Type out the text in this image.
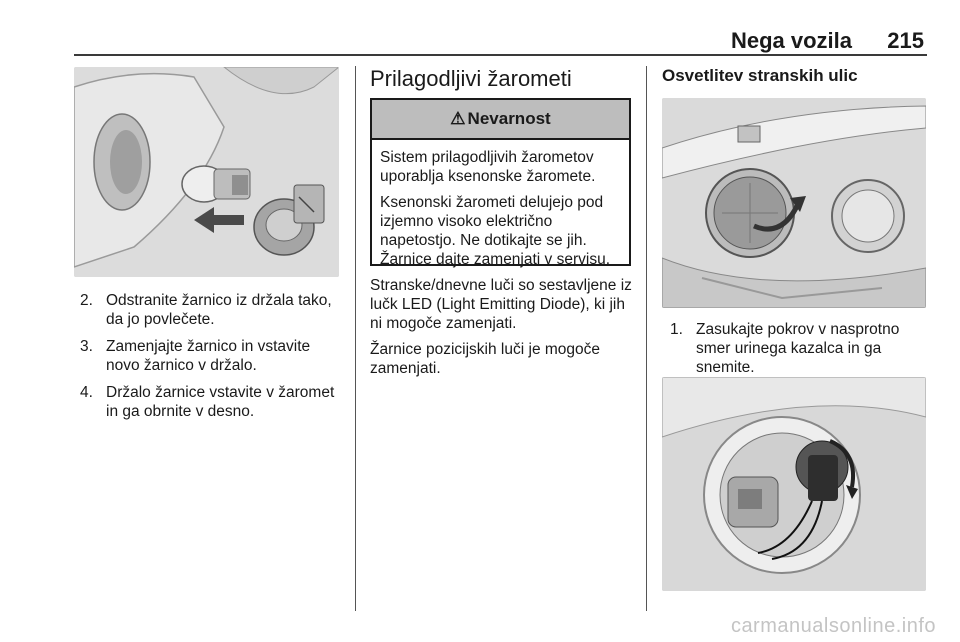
Nega vozila 215
2. Odstranite žarnico iz držala tako, da jo povlečete.
3. Zamenjajte žarnico in vstavite novo žarnico v držalo.
4. Držalo žarnice vstavite v žaromet in ga obrnite v desno.
Prilagodljivi žarometi
⚠ Nevarnost

Sistem prilagodljivih žarometov uporablja ksenonske žaromete.

Ksenonski žarometi delujejo pod izjemno visoko električno napetostjo. Ne dotikajte se jih. Žarnice dajte zamenjati v servisu.

Stranske/dnevne luči so sestavljene iz lučk LED (Light Emitting Diode), ki jih ni mogoče zamenjati.

Žarnice pozicijskih luči je mogoče zamenjati.

Osvetlitev stranskih ulic
1. Zasukajte pokrov v nasprotno smer urinega kazalca in ga snemite.
carmanualsonline.info
